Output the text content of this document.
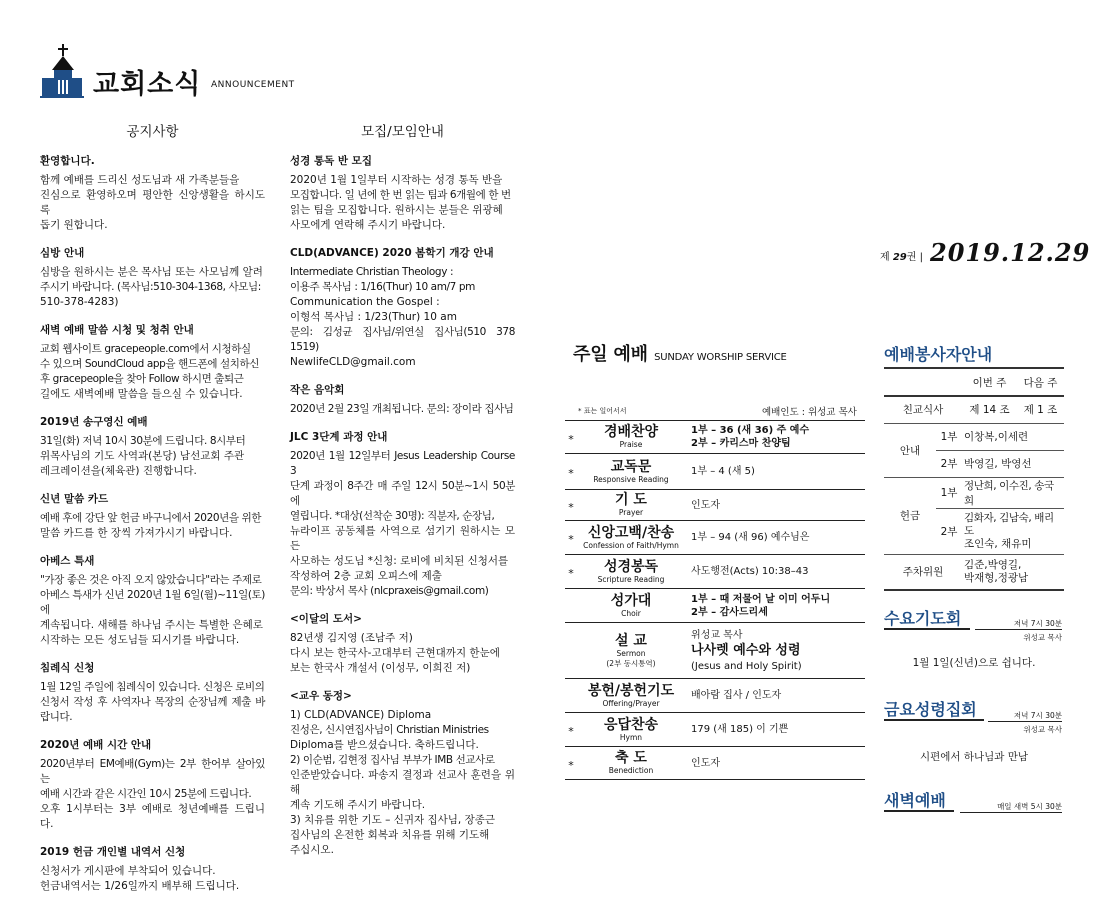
교회소식 ANNOUNCEMENT
공지사항
환영합니다.
함께 예배를 드리신 성도님과 새 가족분들을
진심으로 환영하오며 평안한 신앙생활을 하시도록
돕기 원합니다.
심방 안내
심방을 원하시는 분은 목사님 또는 사모님께 알려
주시기 바랍니다. (목사님:510-304-1368, 사모님:
510-378-4283)
새벽 예배 말씀 시청 및 청취 안내
교회 웹사이트 gracepeople.com에서 시청하실
수 있으며 SoundCloud app을 핸드폰에 설치하신
후 gracepeople을 찾아 Follow 하시면 출퇴근
길에도 새벽예배 말씀을 들으실 수 있습니다.
2019년 송구영신 예배
31일(화) 저녁 10시 30분에 드립니다. 8시부터
위목사님의 기도 사역과(본당) 남선교회 주관
레크레이션을(체육관) 진행합니다.
신년 말씀 카드
예배 후에 강단 앞 헌금 바구니에서 2020년을 위한
말씀 카드를 한 장씩 가져가시기 바랍니다.
아베스 특새
"가장 좋은 것은 아직 오지 않았습니다"라는 주제로
아베스 특새가 신년 2020년 1월 6일(월)~11일(토)에
계속됩니다. 새해를 하나님 주시는 특별한 은혜로
시작하는 모든 성도님들 되시기를 바랍니다.
침례식 신청
1월 12일 주일에 침례식이 있습니다. 신청은 로비의
신청서 작성 후 사역자나 목장의 순장님께 제출 바랍니다.
2020년 예배 시간 안내
2020년부터 EM예배(Gym)는 2부 한어부 살아있는
예배 시간과 같은 시간인 10시 25분에 드립니다.
오후 1시부터는 3부 예배로 청년예배를 드립니다.
2019 헌금 개인별 내역서 신청
신청서가 게시판에 부착되어 있습니다.
헌금내역서는 1/26일까지 배부해 드립니다.
모집/모임안내
성경 통독 반 모집
2020년 1월 1일부터 시작하는 성경 통독 반을
모집합니다. 일 년에 한 번 읽는 팀과 6개월에 한 번
읽는 팀을 모집합니다. 원하시는 분들은 위광혜
사모에게 연락해 주시기 바랍니다.
CLD(ADVANCE) 2020 봄학기 개강 안내
Intermediate Christian Theology :
이용주 목사님 : 1/16(Thur) 10 am/7 pm
Communication the Gospel :
이형석 목사님 : 1/23(Thur) 10 am
문의: 김성균 집사님/위연실 집사님(510 378 1519)
NewlifeCLD@gmail.com
작은 음악회
2020년 2월 23일 개최됩니다. 문의: 장이라 집사님
JLC 3단계 과정 안내
2020년 1월 12일부터 Jesus Leadership Course 3
단계 과정이 8주간 매 주일 12시 50분~1시 50분에
열립니다. *대상(선착순 30명): 직분자, 순장님,
뉴라이프 공동체를 사역으로 섬기기 원하시는 모든
사모하는 성도님 *신청: 로비에 비치된 신청서를
작성하여 2층 교회 오피스에 제출
문의: 박상서 목사 (nlcpraxeis@gmail.com)
<이달의 도서>
82년생 김지영 (조남주 저)
다시 보는 한국사-고대부터 근현대까지 한눈에
보는 한국사 개설서 (이성무, 이희진 저)
<교우 동정>
1) CLD(ADVANCE) Diploma
진성은, 신시연집사님이 Christian Ministries
Diploma를 받으셨습니다. 축하드립니다.
2) 이순범, 김현정 집사님 부부가 IMB 선교사로
인준받았습니다. 파송지 결정과 선교사 훈련을 위해
계속 기도해 주시기 바랍니다.
3) 치유를 위한 기도 – 신귀자 집사님, 장종근
집사님의 온전한 회복과 치유를 위해 기도해
주십시오.
제 29권 | 2019.12.29
주일 예배 SUNDAY WORSHIP SERVICE
* 표는 일어서서	예배인도 : 위성교 목사
*	경배찬양
Praise
1부 – 36 (새 36) 주 예수
2부 – 카리스마 찬양팀
*	교독문
Responsive Reading
1부 – 4 (새 5)
*	기 도
Prayer
인도자
*	신앙고백/찬송
Confession of Faith/Hymn
1부 – 94 (새 96) 예수님은
*	성경봉독
Scripture Reading
사도행전(Acts) 10:38–43
성가대
Choir
1부 – 때 저물어 날 이미 어두니
2부 – 감사드리세
설 교
Sermon
(2부 동시통역)
위성교 목사
나사렛 예수와 성령
(Jesus and Holy Spirit)
봉헌/봉헌기도
Offering/Prayer
배아람 집사 / 인도자
*	응답찬송
Hymn
179 (새 185) 이 기쁜
*	축 도
Benediction
인도자
예배봉사자안내
		이번 주	다음 주
친교식사		제 14 조	제 1 조
안내	1부	이창복,이세련	
	2부	박영길, 박영선	
헌금	1부	정난희, 이수진, 송국희	
	2부	김화자, 김남숙, 배리도
조인숙, 채유미	

주차위원		김준,박영길,
박재형,정광남	
수요기도회	저녁 7시 30분
위성교 목사
1월 1일(신년)으로 쉽니다.
금요성령집회	저녁 7시 30분
위성교 목사
시편에서 하나님과 만남
새벽예배	매일 새벽 5시 30분
